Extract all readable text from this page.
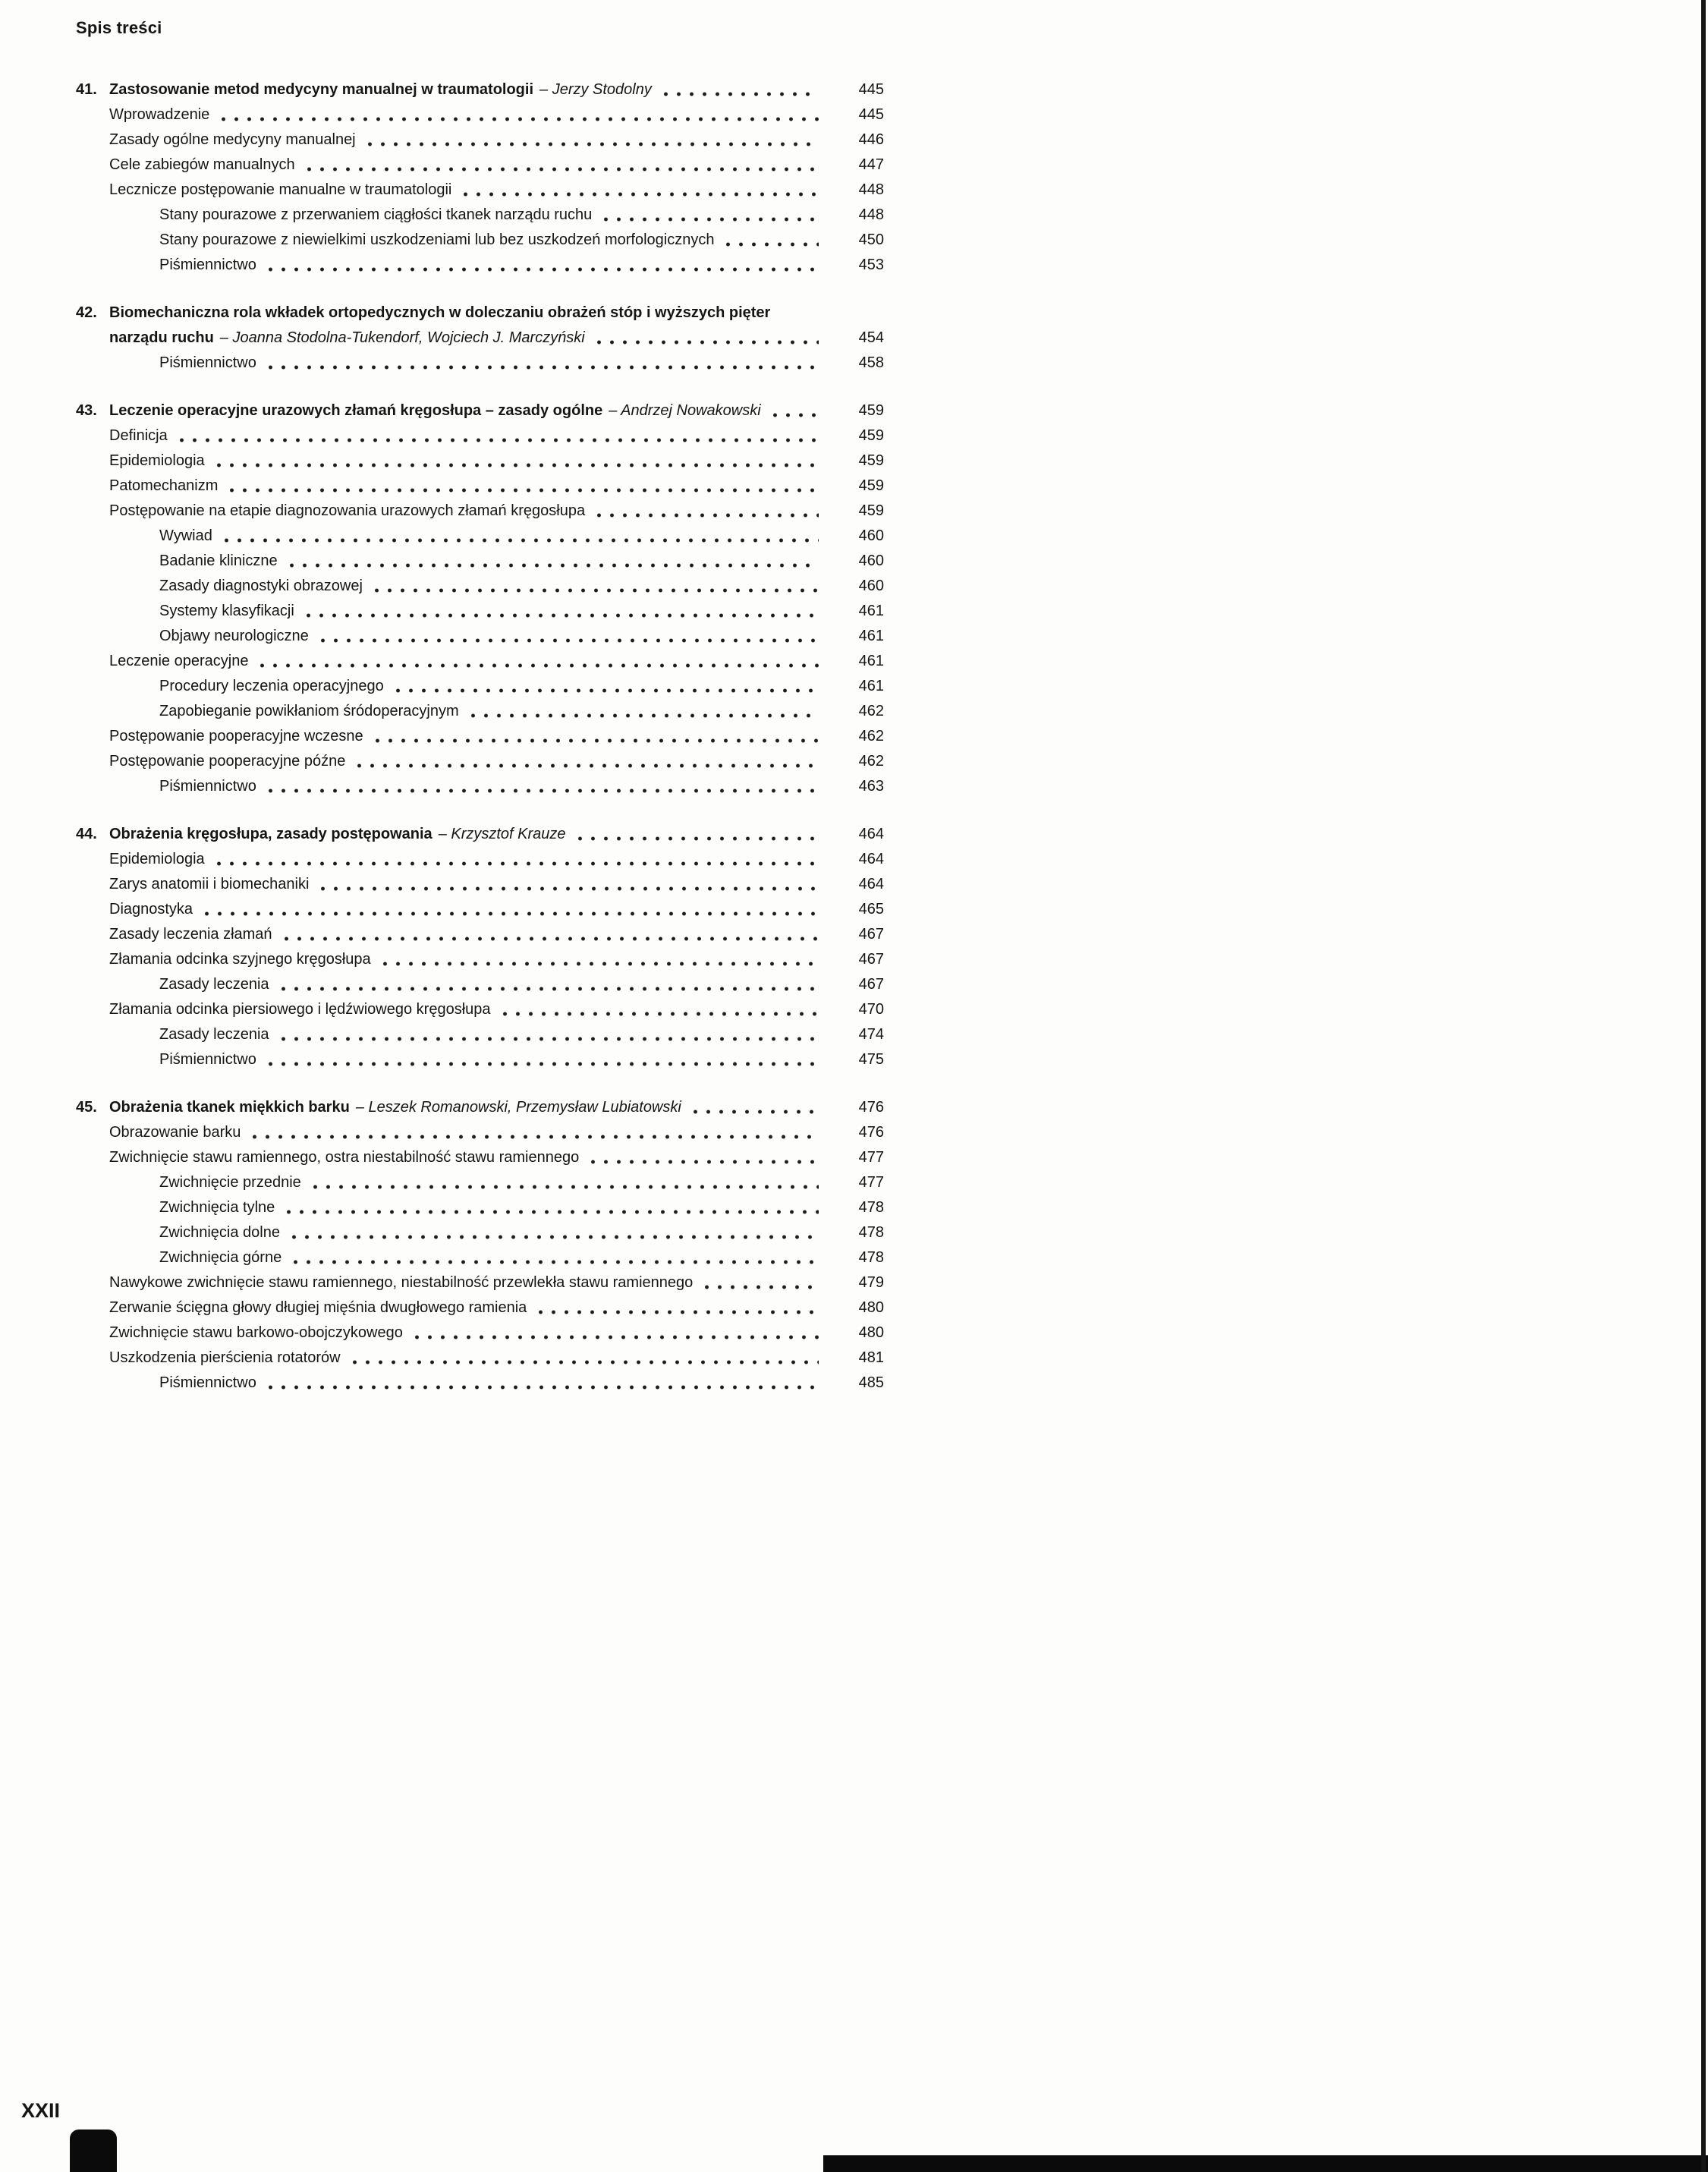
Spis treści
41. Zastosowanie metod medycyny manualnej w traumatologii – Jerzy Stodolny	445
Wprowadzenie	445
Zasady ogólne medycyny manualnej	446
Cele zabiegów manualnych	447
Lecznicze postępowanie manualne w traumatologii	448
Stany pourazowe z przerwaniem ciągłości tkanek narządu ruchu	448
Stany pourazowe z niewielkimi uszkodzeniami lub bez uszkodzeń morfologicznych	450
Piśmiennictwo	453
42. Biomechaniczna rola wkładek ortopedycznych w doleczaniu obrażeń stóp i wyższych pięter
narządu ruchu – Joanna Stodolna-Tukendorf, Wojciech J. Marczyński	454
Piśmiennictwo	458
43. Leczenie operacyjne urazowych złamań kręgosłupa – zasady ogólne – Andrzej Nowakowski	459
Definicja	459
Epidemiologia	459
Patomechanizm	459
Postępowanie na etapie diagnozowania urazowych złamań kręgosłupa	459
Wywiad	460
Badanie kliniczne	460
Zasady diagnostyki obrazowej	460
Systemy klasyfikacji	461
Objawy neurologiczne	461
Leczenie operacyjne	461
Procedury leczenia operacyjnego	461
Zapobieganie powikłaniom śródoperacyjnym	462
Postępowanie pooperacyjne wczesne	462
Postępowanie pooperacyjne późne	462
Piśmiennictwo	463
44. Obrażenia kręgosłupa, zasady postępowania – Krzysztof Krauze	464
Epidemiologia	464
Zarys anatomii i biomechaniki	464
Diagnostyka	465
Zasady leczenia złamań	467
Złamania odcinka szyjnego kręgosłupa	467
Zasady leczenia	467
Złamania odcinka piersiowego i lędźwiowego kręgosłupa	470
Zasady leczenia	474
Piśmiennictwo	475
45. Obrażenia tkanek miękkich barku – Leszek Romanowski, Przemysław Lubiatowski	476
Obrazowanie barku	476
Zwichnięcie stawu ramiennego, ostra niestabilność stawu ramiennego	477
Zwichnięcie przednie	477
Zwichnięcia tylne	478
Zwichnięcia dolne	478
Zwichnięcia górne	478
Nawykowe zwichnięcie stawu ramiennego, niestabilność przewlekła stawu ramiennego	479
Zerwanie ścięgna głowy długiej mięśnia dwugłowego ramienia	480
Zwichnięcie stawu barkowo-obojczykowego	480
Uszkodzenia pierścienia rotatorów	481
Piśmiennictwo	485
XXII
